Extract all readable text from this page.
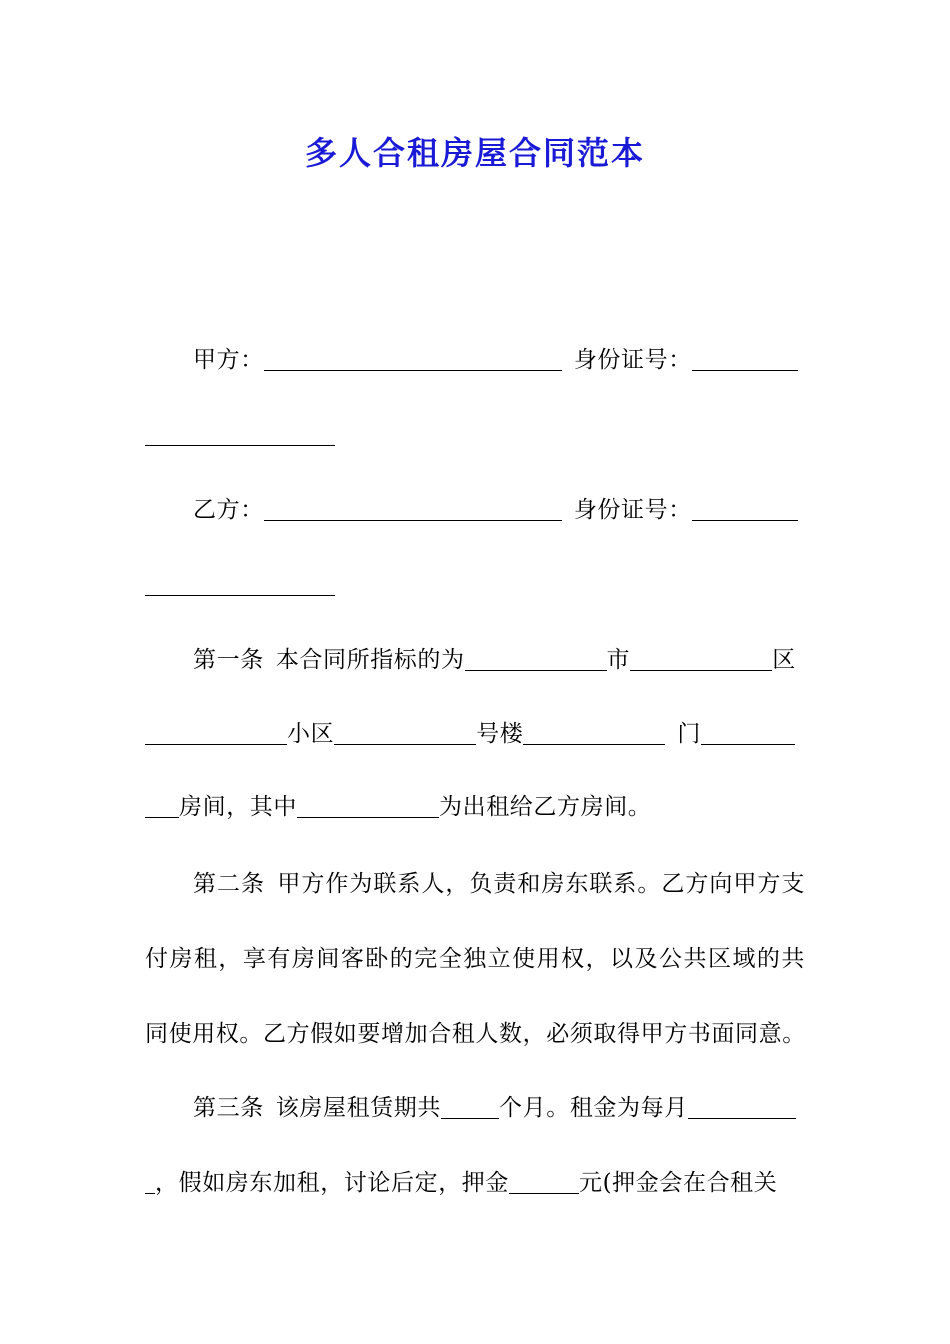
多人合租房屋合同范本
甲方：	身份证号：
乙方：	身份证号：
第一条 本合同所指标的为	市	区
小区	号楼	门
房间，其中	为出租给乙方房间。
第二条 甲方作为联系人，负责和房东联系。乙方向甲方支
付房租，享有房间客卧的完全独立使用权，以及公共区域的共
同使用权。乙方假如要增加合租人数，必须取得甲方书面同意。
第三条 该房屋租赁期共	个月。租金为每月
，假如房东加租，讨论后定，押金	元(押金会在合租关
